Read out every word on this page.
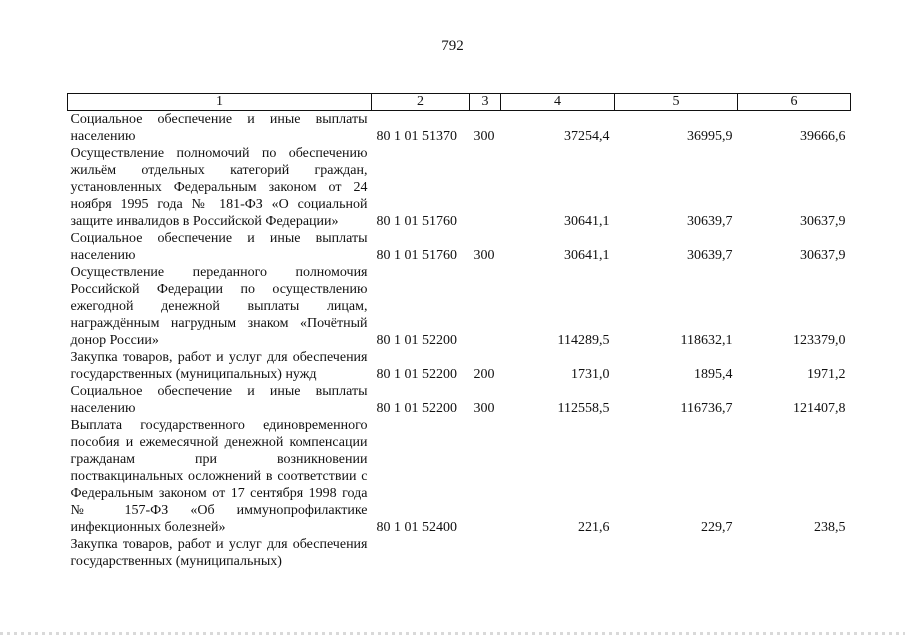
792
1	2	3	4	5	6
Социальное обеспечение и иные выплаты населению	80 1 01 51370	300	37254,4	36995,9	39666,6
Осуществление полномочий по обеспечению жильём отдельных категорий граждан, установленных Федеральным законом от 24 ноября 1995 года № 181-ФЗ «О социальной защите инвалидов в Российской Федерации»	80 1 01 51760		30641,1	30639,7	30637,9
Социальное обеспечение и иные выплаты населению	80 1 01 51760	300	30641,1	30639,7	30637,9
Осуществление переданного полномочия Российской Федерации по осуществлению ежегодной денежной выплаты лицам, награждённым нагрудным знаком «Почётный донор России»	80 1 01 52200		114289,5	118632,1	123379,0
Закупка товаров, работ и услуг для обеспечения государственных (муниципальных) нужд	80 1 01 52200	200	1731,0	1895,4	1971,2
Социальное обеспечение и иные выплаты населению	80 1 01 52200	300	112558,5	116736,7	121407,8
Выплата государственного единовременного пособия и ежемесячной денежной компенсации гражданам при возникновении поствакцинальных осложнений в соответствии с Федеральным законом от 17 сентября 1998 года № 157-ФЗ «Об иммунопрофилактике инфекционных болезней»	80 1 01 52400		221,6	229,7	238,5
Закупка товаров, работ и услуг для обеспечения государственных (муниципальных)					
